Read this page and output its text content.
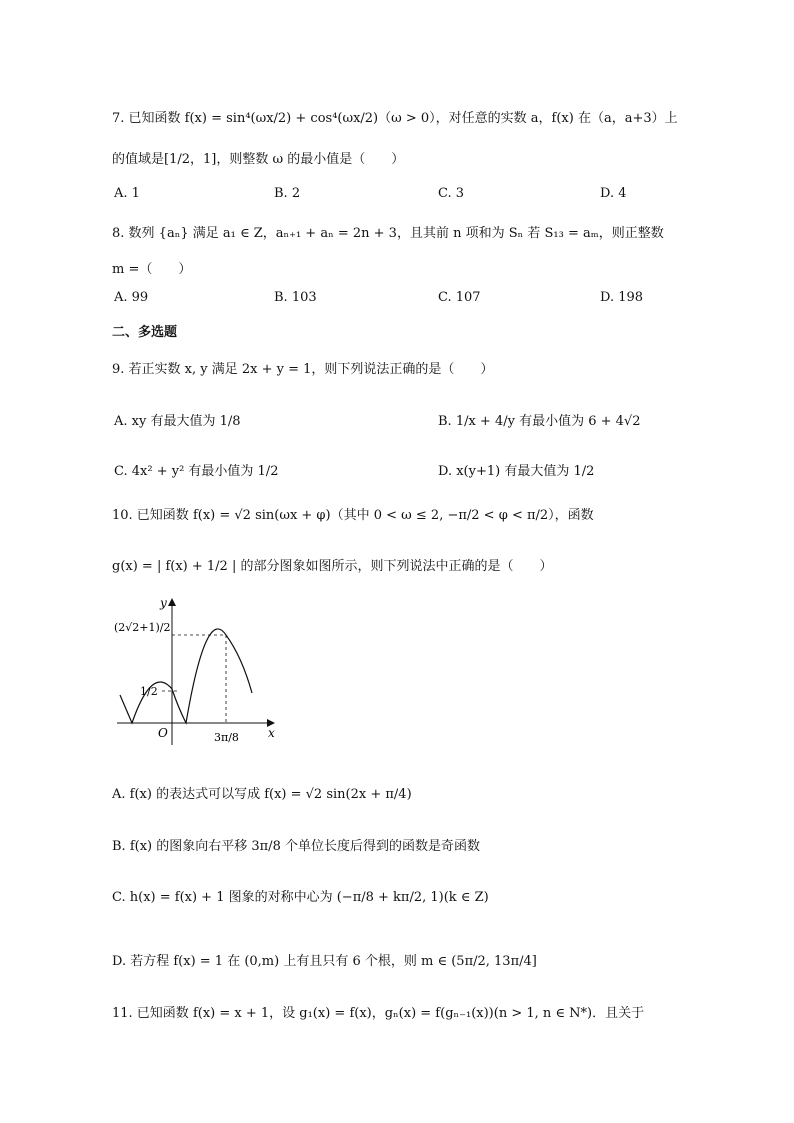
7. 已知函数 f(x) = sin⁴(ωx/2) + cos⁴(ωx/2)（ω > 0），对任意的实数 a，f(x) 在（a，a+3）上
的值域是[1/2，1]，则整数 ω 的最小值是（　　）
A. 1	B. 2	C. 3	D. 4
8. 数列 {aₙ} 满足 a₁ ∈ Z，aₙ₊₁ + aₙ = 2n + 3，且其前 n 项和为 Sₙ 若 S₁₃ = aₘ，则正整数
m =（　　）
A. 99	B. 103	C. 107	D. 198
二、多选题
9. 若正实数 x, y 满足 2x + y = 1，则下列说法正确的是（　　）
A. xy 有最大值为 1/8	B. 1/x + 4/y 有最小值为 6 + 4√2
C. 4x² + y² 有最小值为 1/2	D. x(y+1) 有最大值为 1/2
10. 已知函数 f(x) = √2 sin(ωx + φ)（其中 0 < ω ≤ 2, −π/2 < φ < π/2），函数
g(x) = | f(x) + 1/2 | 的部分图象如图所示，则下列说法中正确的是（　　）
y
x
O
(2√2+1)/2
1/2
3π/8
A. f(x) 的表达式可以写成 f(x) = √2 sin(2x + π/4)
B. f(x) 的图象向右平移 3π/8 个单位长度后得到的函数是奇函数
C. h(x) = f(x) + 1 图象的对称中心为 (−π/8 + kπ/2, 1)(k ∈ Z)
D. 若方程 f(x) = 1 在 (0,m) 上有且只有 6 个根，则 m ∈ (5π/2, 13π/4]
11. 已知函数 f(x) = x + 1，设 g₁(x) = f(x)，gₙ(x) = f(gₙ₋₁(x))(n > 1, n ∈ N*)．且关于
